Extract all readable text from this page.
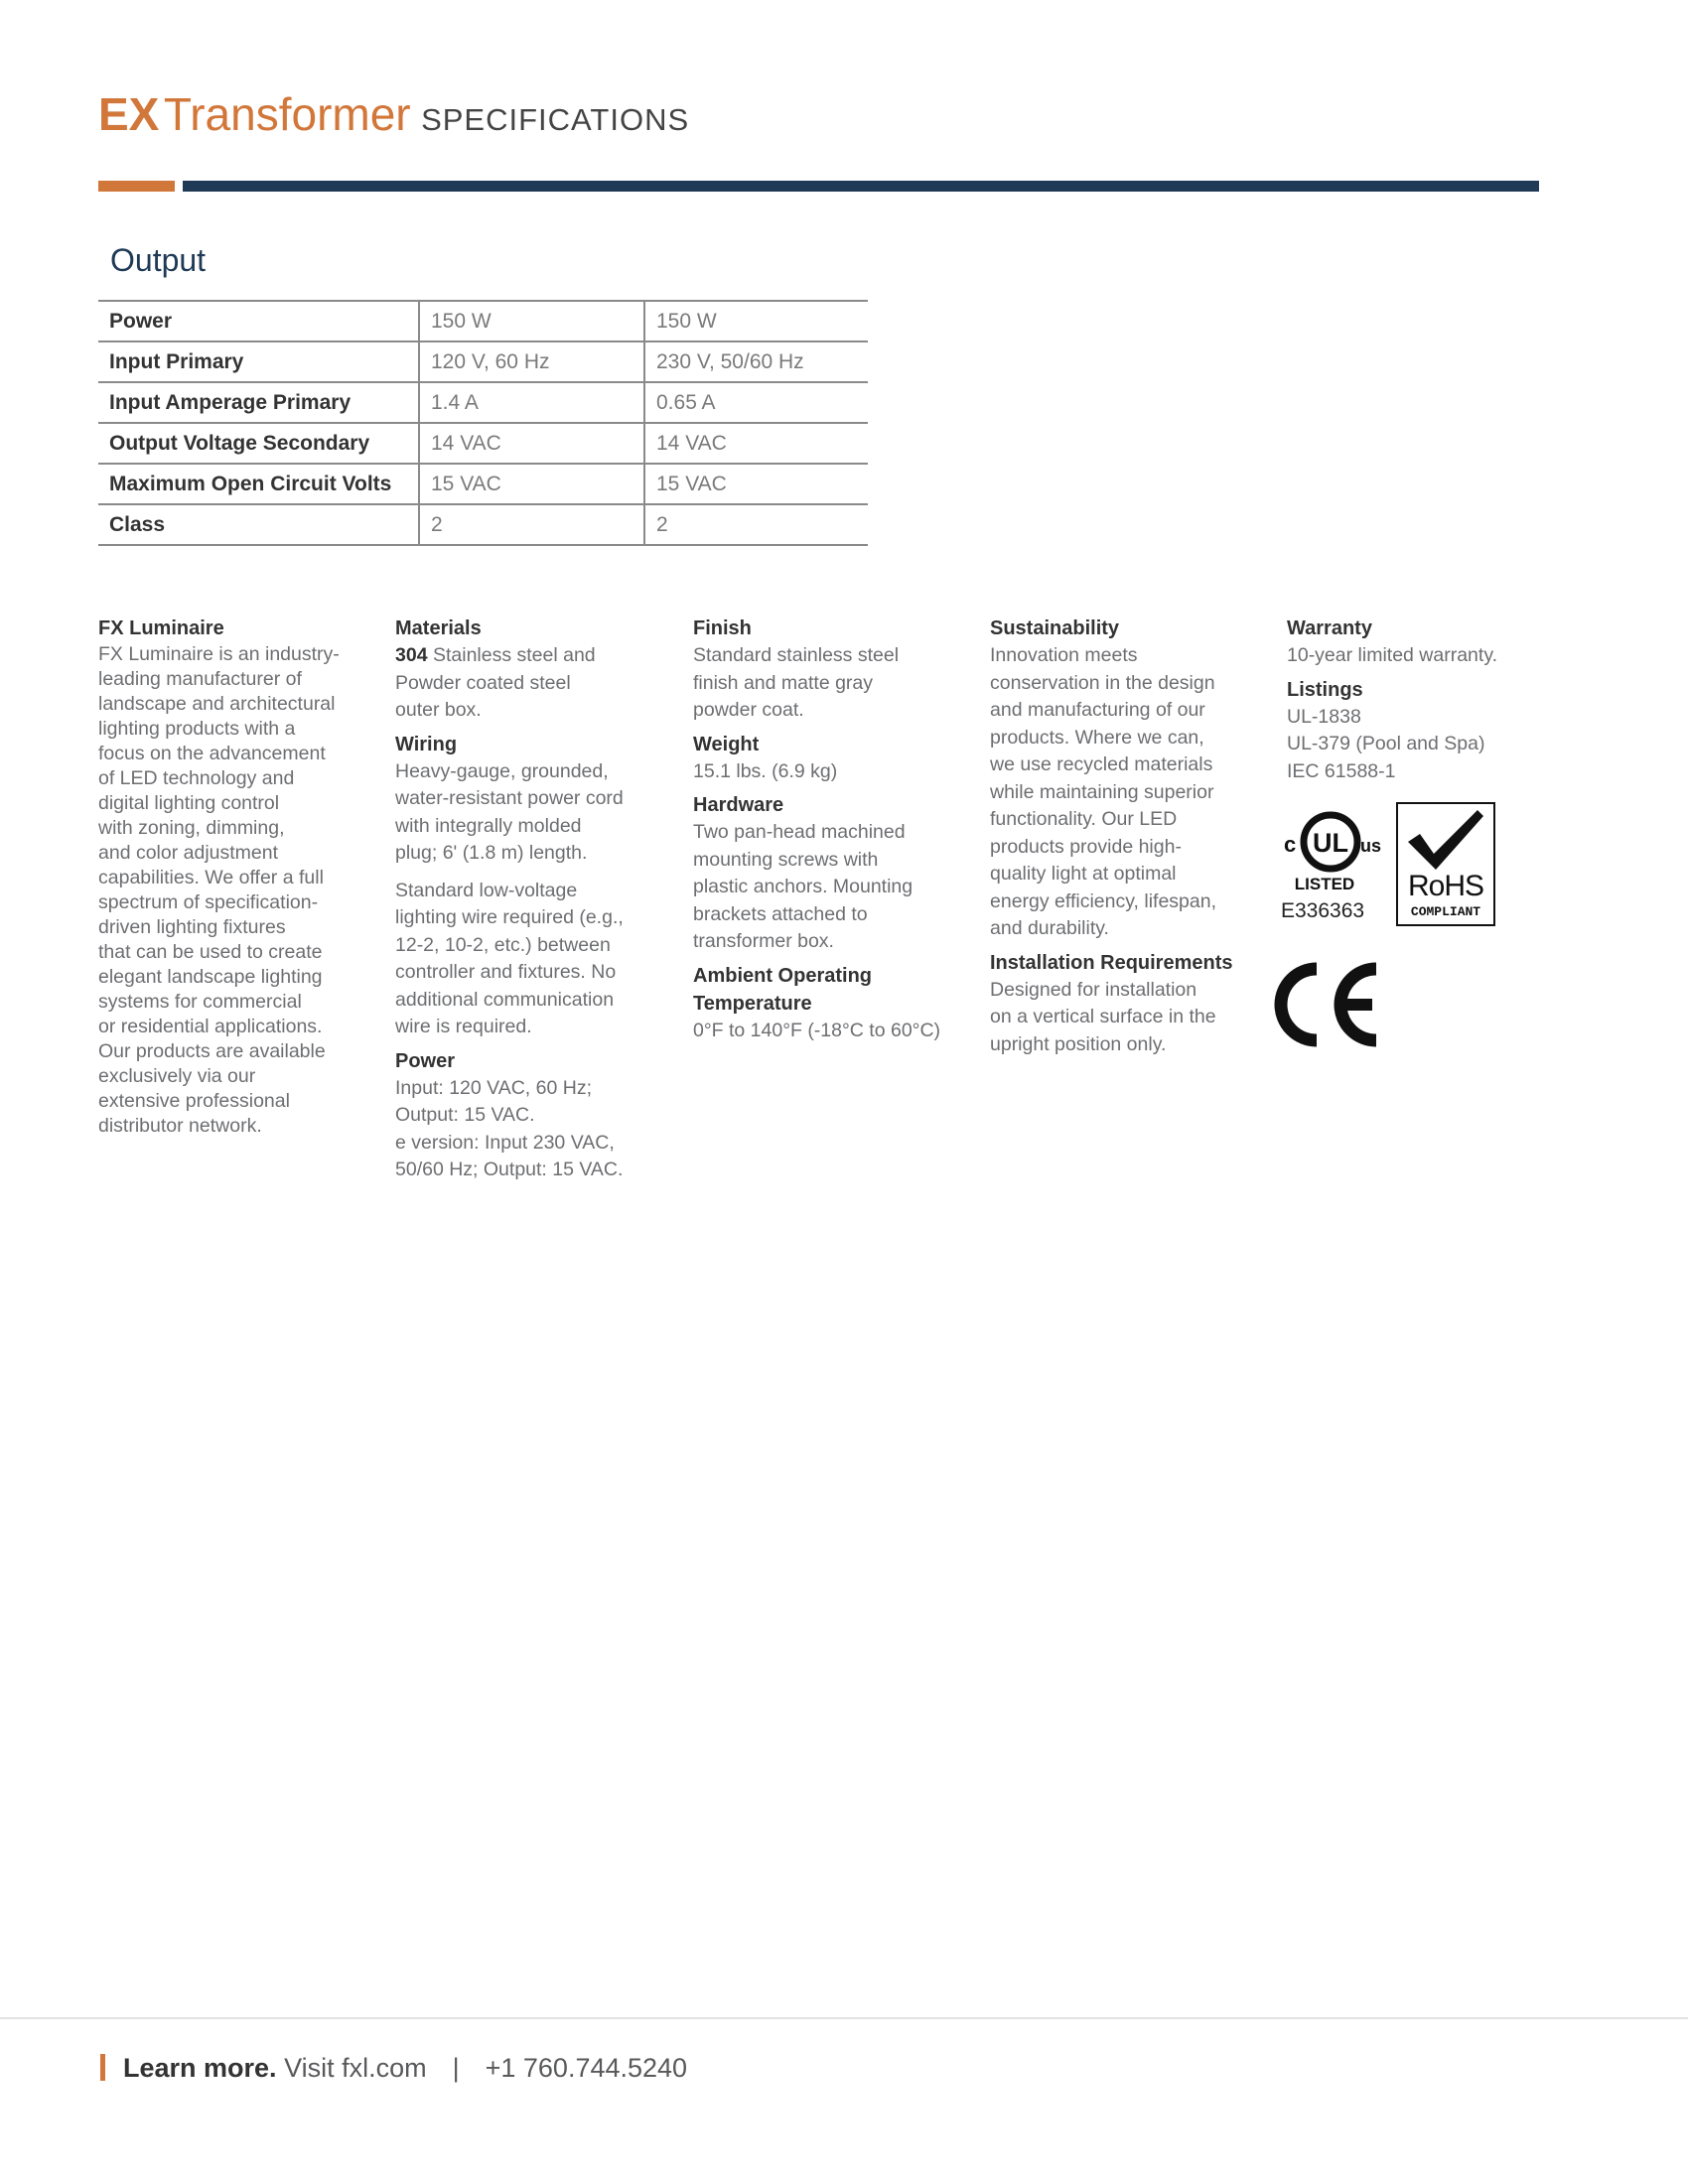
EX Transformer SPECIFICATIONS
Output
Power	150 W	150 W
Input Primary	120 V, 60 Hz	230 V, 50/60 Hz
Input Amperage Primary	1.4 A	0.65 A
Output Voltage Secondary	14 VAC	14 VAC
Maximum Open Circuit Volts	15 VAC	15 VAC
Class	2	2
FX Luminaire

FX Luminaire is an industry-
leading manufacturer of
landscape and architectural
lighting products with a
focus on the advancement
of LED technology and
digital lighting control
with zoning, dimming,
and color adjustment
capabilities. We offer a full
spectrum of specification-
driven lighting fixtures
that can be used to create
elegant landscape lighting
systems for commercial
or residential applications.
Our products are available
exclusively via our
extensive professional
distributor network.

Materials

304 Stainless steel and
Powder coated steel
outer box.

Wiring

Heavy-gauge, grounded,
water-resistant power cord
with integrally molded
plug; 6' (1.8 m) length.

Standard low-voltage
lighting wire required (e.g.,
12-2, 10-2, etc.) between
controller and fixtures. No
additional communication
wire is required.

Power

Input: 120 VAC, 60 Hz;
Output: 15 VAC.
e version: Input 230 VAC,
50/60 Hz; Output: 15 VAC.

Finish

Standard stainless steel
finish and matte gray
powder coat.

Weight

15.1 lbs. (6.9 kg)

Hardware

Two pan-head machined
mounting screws with
plastic anchors. Mounting
brackets attached to
transformer box.

Ambient Operating
Temperature

0°F to 140°F (-18°C to 60°C)

Sustainability

Innovation meets
conservation in the design
and manufacturing of our
products. Where we can,
we use recycled materials
while maintaining superior
functionality. Our LED
products provide high-
quality light at optimal
energy efficiency, lifespan,
and durability.

Installation Requirements

Designed for installation
on a vertical surface in the
upright position only.

Warranty

10-year limited warranty.

Listings

UL-1838
UL-379 (Pool and Spa)
IEC 61588-1

c UL us
LISTED
E336363
RoHS
COMPLIANT
Learn more. Visit fxl.com | +1 760.744.5240
